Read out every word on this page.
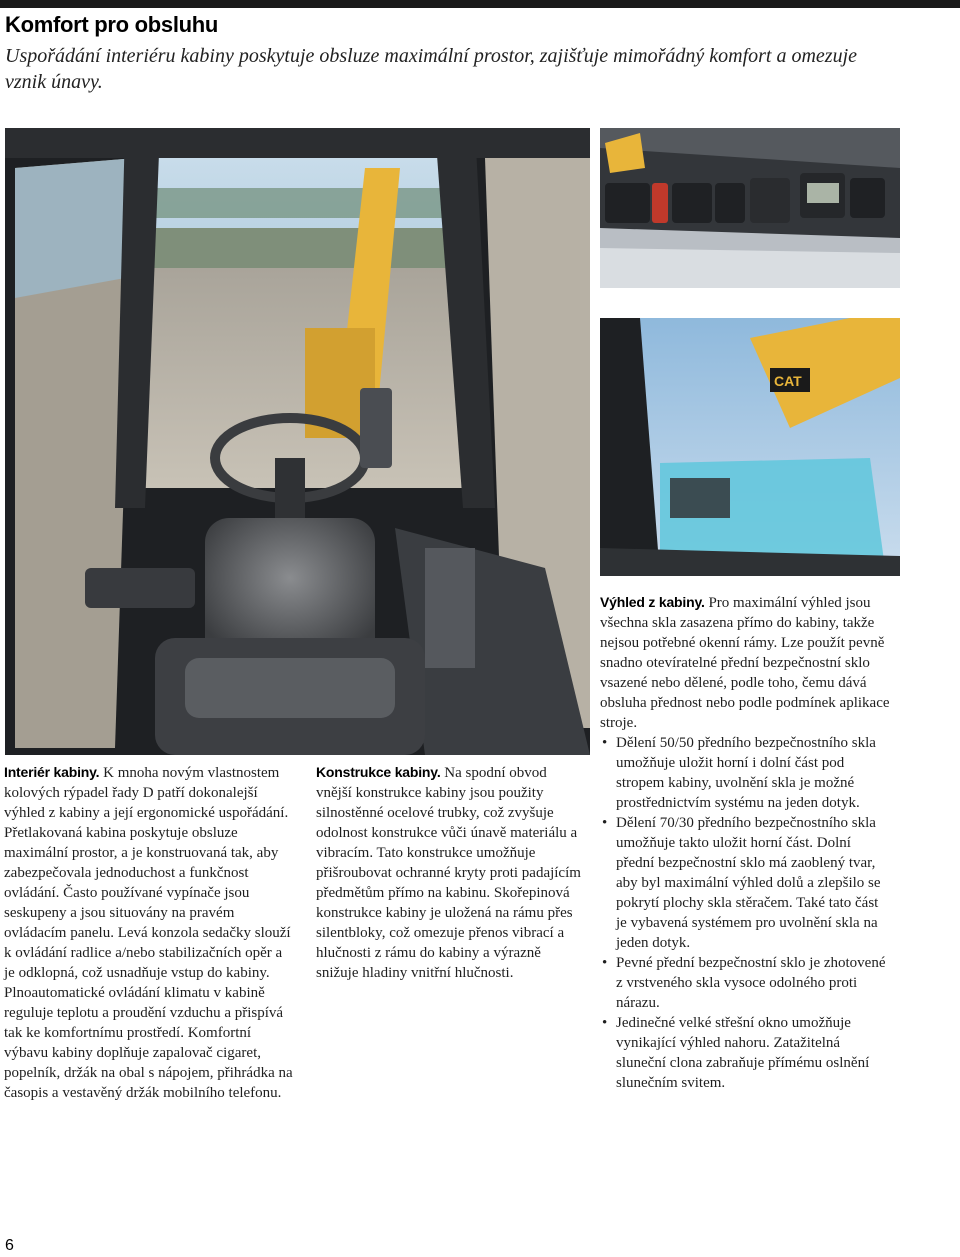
Komfort pro obsluhu

Uspořádání interiéru kabiny poskytuje obsluze maximální prostor, zajišťuje mimořádný komfort a omezuje vznik únavy.

CAT
Interiér kabiny. K mnoha novým vlastnostem kolových rýpadel řady D patří dokonalejší výhled z kabiny a její ergonomické uspořádání. Přetlakovaná kabina poskytuje obsluze maximální prostor, a je konstruovaná tak, aby zabezpečovala jednoduchost a funkčnost ovládání. Často používané vypínače jsou seskupeny a jsou situovány na pravém ovládacím panelu. Levá konzola sedačky slouží k ovládání radlice a/nebo stabilizačních opěr a je odklopná, což usnadňuje vstup do kabiny. Plnoautomatické ovládání klimatu v kabině reguluje teplotu a proudění vzduchu a přispívá tak ke komfortnímu prostředí. Komfortní výbavu kabiny doplňuje zapalovač cigaret, popelník, držák na obal s nápojem, přihrádka na časopis a vestavěný držák mobilního telefonu.
Konstrukce kabiny. Na spodní obvod vnější konstrukce kabiny jsou použity silnostěnné ocelové trubky, což zvyšuje odolnost konstrukce vůči únavě materiálu a vibracím. Tato konstrukce umožňuje přišroubovat ochranné kryty proti padajícím předmětům přímo na kabinu. Skořepinová konstrukce kabiny je uložená na rámu přes silentbloky, což omezuje přenos vibrací a hlučnosti z rámu do kabiny a výrazně snižuje hladiny vnitřní hlučnosti.
Výhled z kabiny. Pro maximální výhled jsou všechna skla zasazena přímo do kabiny, takže nejsou potřebné okenní rámy. Lze použít pevně snadno otevíratelné přední bezpečnostní sklo vsazené nebo dělené, podle toho, čemu dává obsluha přednost nebo podle podmínek aplikace stroje.
• Dělení 50/50 předního bezpečnostního skla umožňuje uložit horní i dolní část pod stropem kabiny, uvolnění skla je možné prostřednictvím systému na jeden dotyk.
• Dělení 70/30 předního bezpečnostního skla umožňuje takto uložit horní část. Dolní přední bezpečnostní sklo má zaoblený tvar, aby byl maximální výhled dolů a zlepšilo se pokrytí plochy skla stěračem. Také tato část je vybavená systémem pro uvolnění skla na jeden dotyk.
• Pevné přední bezpečnostní sklo je zhotovené z vrstveného skla vysoce odolného proti nárazu.
• Jedinečné velké střešní okno umožňuje vynikající výhled nahoru. Zatažitelná sluneční clona zabraňuje přímému oslnění slunečním svitem.
6
